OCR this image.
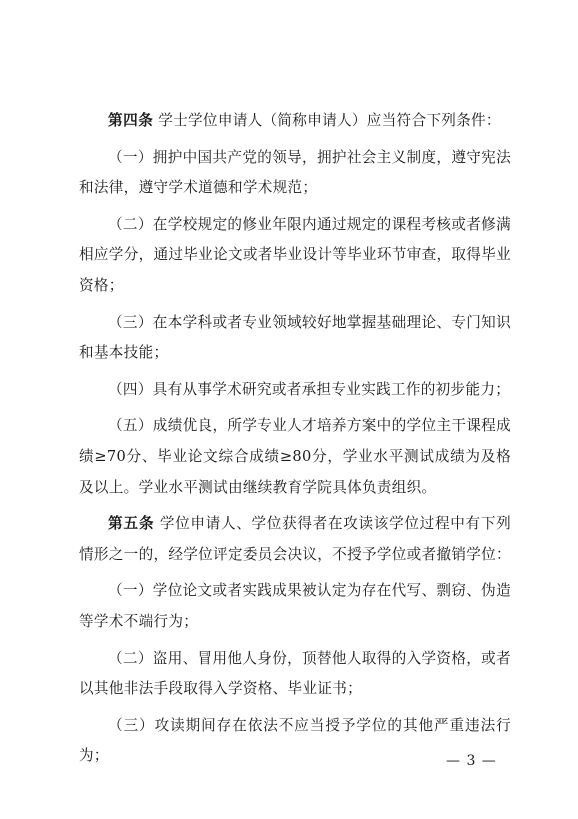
第四条 学士学位申请人（简称申请人）应当符合下列条件：

（一）拥护中国共产党的领导，拥护社会主义制度，遵守宪法和法律，遵守学术道德和学术规范；

（二）在学校规定的修业年限内通过规定的课程考核或者修满相应学分，通过毕业论文或者毕业设计等毕业环节审查，取得毕业资格；

（三）在本学科或者专业领域较好地掌握基础理论、专门知识和基本技能；

（四）具有从事学术研究或者承担专业实践工作的初步能力；

（五）成绩优良，所学专业人才培养方案中的学位主干课程成绩≥70分、毕业论文综合成绩≥80分，学业水平测试成绩为及格及以上。学业水平测试由继续教育学院具体负责组织。

第五条 学位申请人、学位获得者在攻读该学位过程中有下列情形之一的，经学位评定委员会决议，不授予学位或者撤销学位：

（一）学位论文或者实践成果被认定为存在代写、剽窃、伪造等学术不端行为；

（二）盗用、冒用他人身份，顶替他人取得的入学资格，或者以其他非法手段取得入学资格、毕业证书；

（三）攻读期间存在依法不应当授予学位的其他严重违法行为；	— 3 —
